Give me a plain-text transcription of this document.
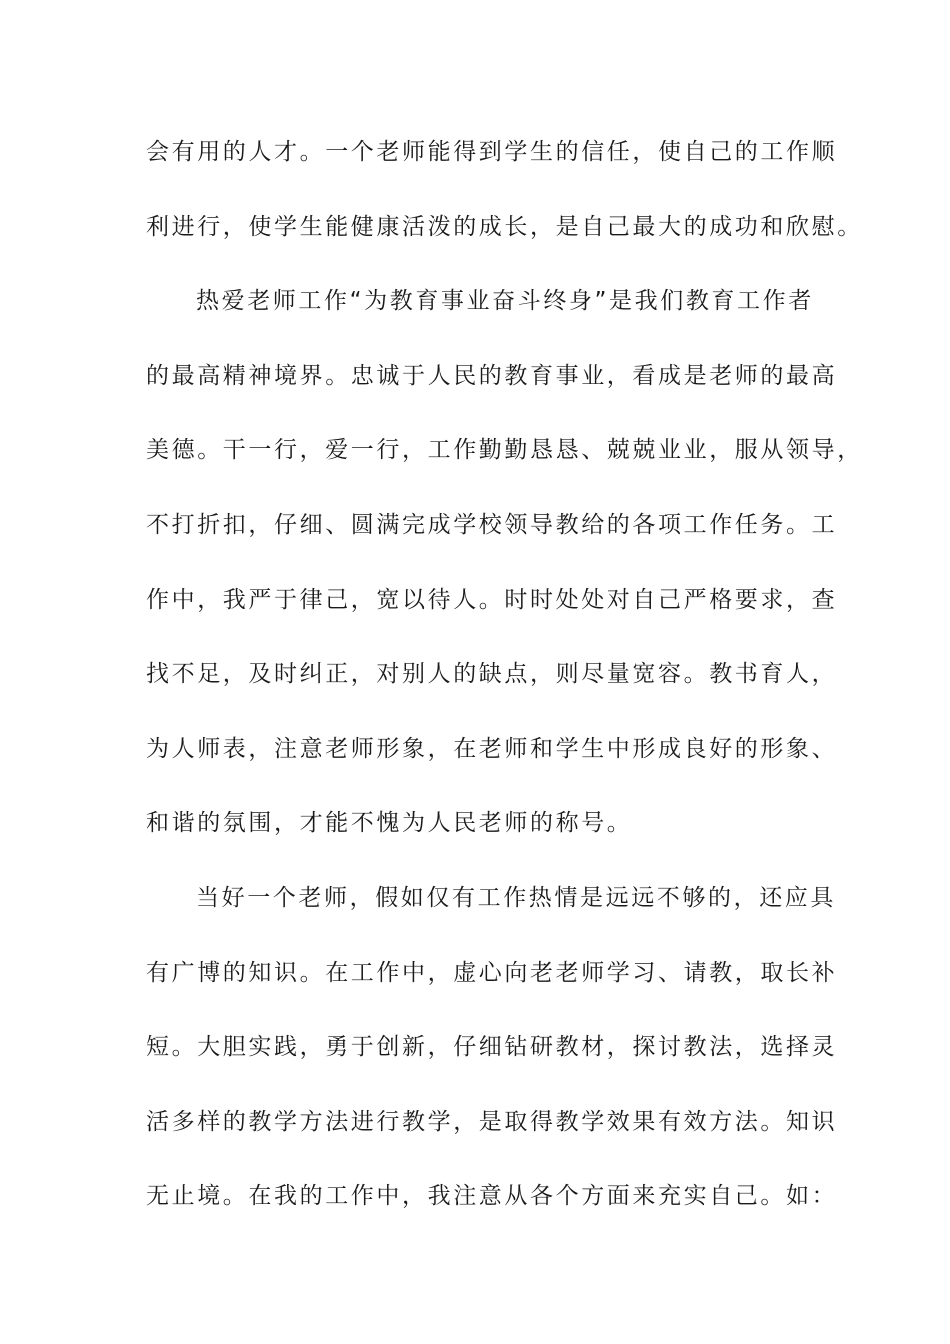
会有用的人才。一个老师能得到学生的信任，使自己的工作顺
利进行，使学生能健康活泼的成长，是自己最大的成功和欣慰。
热爱老师工作“为教育事业奋斗终身”是我们教育工作者
的最高精神境界。忠诚于人民的教育事业，看成是老师的最高
美德。干一行，爱一行，工作勤勤恳恳、兢兢业业，服从领导，
不打折扣，仔细、圆满完成学校领导教给的各项工作任务。工
作中，我严于律己，宽以待人。时时处处对自己严格要求，查
找不足，及时纠正，对别人的缺点，则尽量宽容。教书育人，
为人师表，注意老师形象，在老师和学生中形成良好的形象、
和谐的氛围，才能不愧为人民老师的称号。
当好一个老师，假如仅有工作热情是远远不够的，还应具
有广博的知识。在工作中，虚心向老老师学习、请教，取长补
短。大胆实践，勇于创新，仔细钻研教材，探讨教法，选择灵
活多样的教学方法进行教学，是取得教学效果有效方法。知识
无止境。在我的工作中，我注意从各个方面来充实自己。如：
